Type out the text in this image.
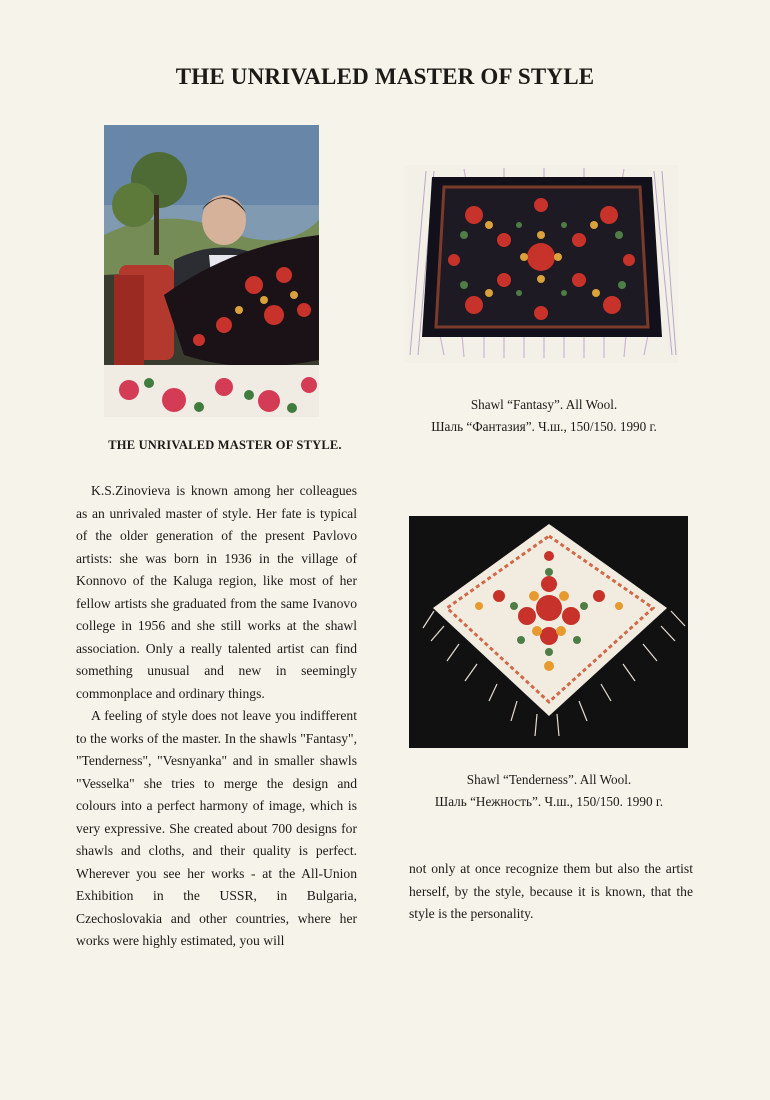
THE UNRIVALED MASTER OF STYLE
THE UNRIVALED MASTER OF STYLE.

K.S.Zinovieva is known among her colleagues as an unrivaled master of style. Her fate is typical of the older generation of the present Pavlovo artists: she was born in 1936 in the village of Konnovo of the Kaluga region, like most of her fellow artists she graduated from the same Ivanovo college in 1956 and she still works at the shawl association. Only a really talented artist can find something unusual and new in seemingly commonplace and ordinary things.

A feeling of style does not leave you indifferent to the works of the master. In the shawls "Fantasy", "Tenderness", "Vesnyanka" and in smaller shawls "Vesselka" she tries to merge the design and colours into a perfect harmony of image, which is very expressive. She created about 700 designs for shawls and cloths, and their quality is perfect. Wherever you see her works - at the All-Union Exhibition in the USSR, in Bulgaria, Czechoslovakia and other countries, where her works were highly estimated, you will

Shawl “Fantasy”. All Wool.
Шаль “Фантазия”. Ч.ш., 150/150. 1990 г.
Shawl “Tenderness”. All Wool.
Шаль “Нежность”. Ч.ш., 150/150. 1990 г.
not only at once recognize them but also the artist herself, by the style, because it is known, that the style is the personality.
